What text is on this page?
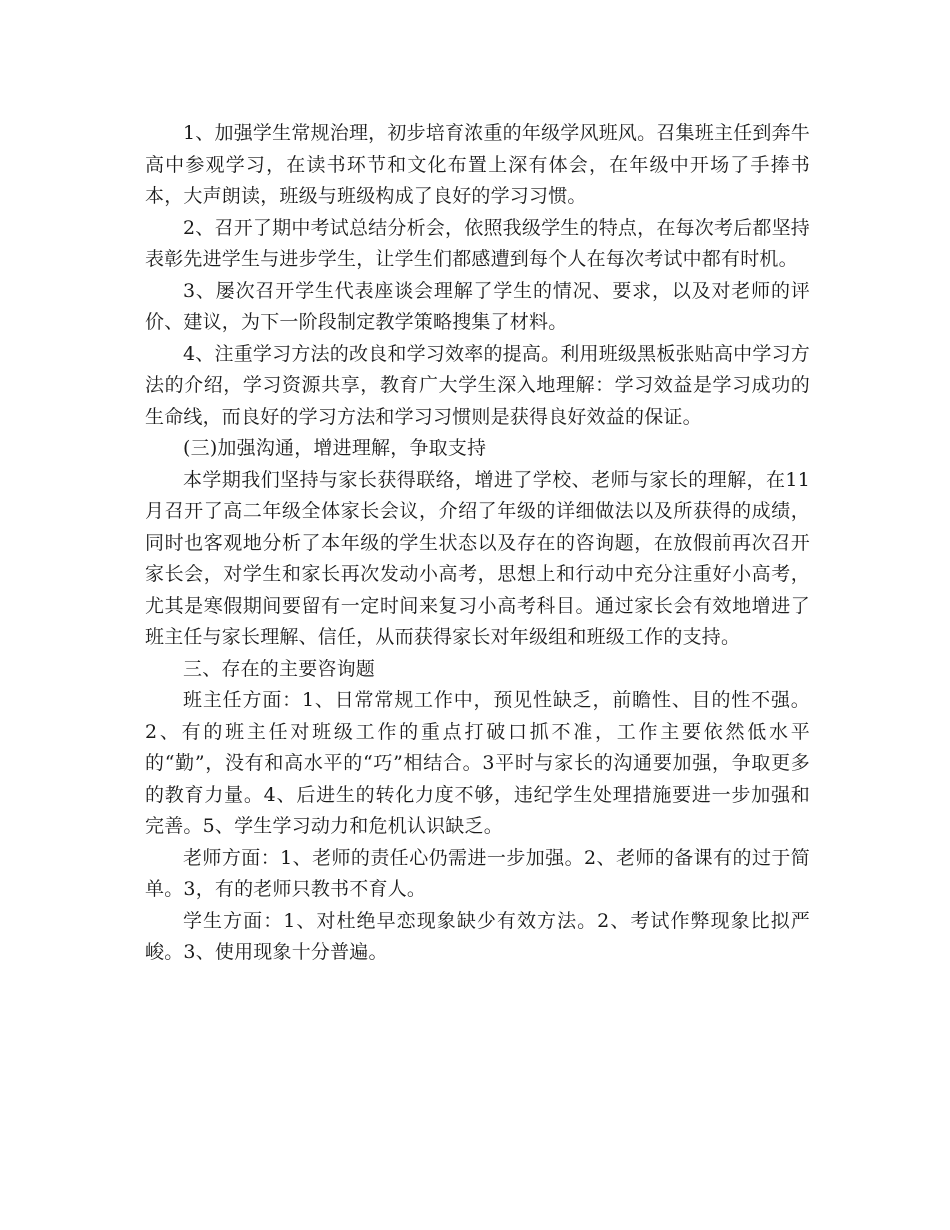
1、加强学生常规治理，初步培育浓重的年级学风班风。召集班主任到奔牛高中参观学习，在读书环节和文化布置上深有体会，在年级中开场了手捧书本，大声朗读，班级与班级构成了良好的学习习惯。

2、召开了期中考试总结分析会，依照我级学生的特点，在每次考后都坚持表彰先进学生与进步学生，让学生们都感遭到每个人在每次考试中都有时机。

3、屡次召开学生代表座谈会理解了学生的情况、要求，以及对老师的评价、建议，为下一阶段制定教学策略搜集了材料。

4、注重学习方法的改良和学习效率的提高。利用班级黑板张贴高中学习方法的介绍，学习资源共享，教育广大学生深入地理解：学习效益是学习成功的生命线，而良好的学习方法和学习习惯则是获得良好效益的保证。

(三)加强沟通，增进理解，争取支持

本学期我们坚持与家长获得联络，增进了学校、老师与家长的理解，在11月召开了高二年级全体家长会议，介绍了年级的详细做法以及所获得的成绩，同时也客观地分析了本年级的学生状态以及存在的咨询题，在放假前再次召开家长会，对学生和家长再次发动小高考，思想上和行动中充分注重好小高考，尤其是寒假期间要留有一定时间来复习小高考科目。通过家长会有效地增进了班主任与家长理解、信任，从而获得家长对年级组和班级工作的支持。

三、存在的主要咨询题

班主任方面：1、日常常规工作中，预见性缺乏，前瞻性、目的性不强。2、有的班主任对班级工作的重点打破口抓不准，工作主要依然低水平的“勤”，没有和高水平的“巧”相结合。3平时与家长的沟通要加强，争取更多的教育力量。4、后进生的转化力度不够，违纪学生处理措施要进一步加强和完善。5、学生学习动力和危机认识缺乏。

老师方面：1、老师的责任心仍需进一步加强。2、老师的备课有的过于简单。3，有的老师只教书不育人。

学生方面：1、对杜绝早恋现象缺少有效方法。2、考试作弊现象比拟严峻。3、使用现象十分普遍。
